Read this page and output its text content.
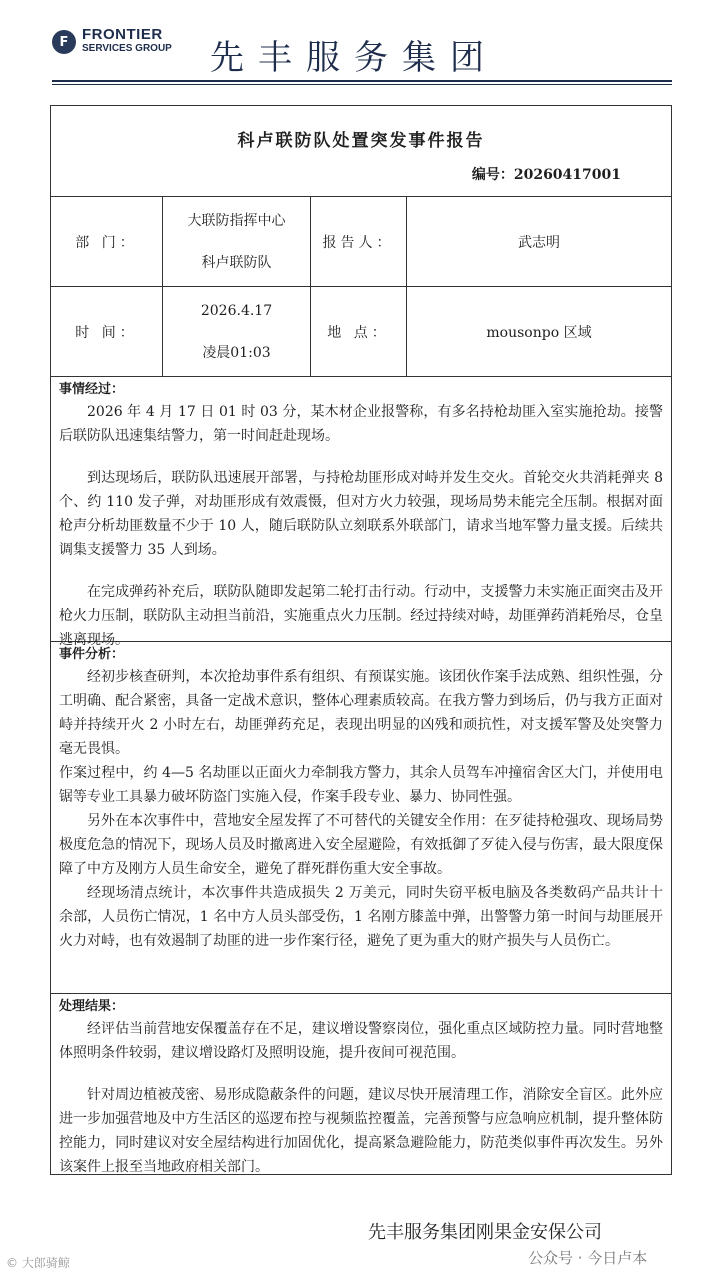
F FRONTIER
SERVICES GROUP 先丰服务集团
科卢联防队处置突发事件报告
编号：20260417001
部 门：
大联防指挥中心
科卢联防队
报告人：	武志明
时 间：
2026.4.17
凌晨01:03
地 点：	mousonpo 区域
事情经过：

2026 年 4 月 17 日 01 时 03 分，某木材企业报警称，有多名持枪劫匪入室实施抢劫。接警后联防队迅速集结警力，第一时间赶赴现场。

到达现场后，联防队迅速展开部署，与持枪劫匪形成对峙并发生交火。首轮交火共消耗弹夹 8 个、约 110 发子弹，对劫匪形成有效震慑，但对方火力较强，现场局势未能完全压制。根据对面枪声分析劫匪数量不少于 10 人，随后联防队立刻联系外联部门，请求当地军警力量支援。后续共调集支援警力 35 人到场。

在完成弹药补充后，联防队随即发起第二轮打击行动。行动中，支援警力未实施正面突击及开枪火力压制，联防队主动担当前沿，实施重点火力压制。经过持续对峙，劫匪弹药消耗殆尽，仓皇逃离现场。

事件分析：

经初步核查研判，本次抢劫事件系有组织、有预谋实施。该团伙作案手法成熟、组织性强，分工明确、配合紧密，具备一定战术意识，整体心理素质较高。在我方警力到场后，仍与我方正面对峙并持续开火 2 小时左右，劫匪弹药充足，表现出明显的凶残和顽抗性，对支援军警及处突警力毫无畏惧。

作案过程中，约 4—5 名劫匪以正面火力牵制我方警力，其余人员驾车冲撞宿舍区大门，并使用电锯等专业工具暴力破坏防盗门实施入侵，作案手段专业、暴力、协同性强。

另外在本次事件中，营地安全屋发挥了不可替代的关键安全作用：在歹徒持枪强攻、现场局势极度危急的情况下，现场人员及时撤离进入安全屋避险，有效抵御了歹徒入侵与伤害，最大限度保障了中方及刚方人员生命安全，避免了群死群伤重大安全事故。

经现场清点统计，本次事件共造成损失 2 万美元，同时失窃平板电脑及各类数码产品共计十余部，人员伤亡情况，1 名中方人员头部受伤，1 名刚方膝盖中弹，出警警力第一时间与劫匪展开火力对峙，也有效遏制了劫匪的进一步作案行径，避免了更为重大的财产损失与人员伤亡。

处理结果：

经评估当前营地安保覆盖存在不足，建议增设警察岗位，强化重点区域防控力量。同时营地整体照明条件较弱，建议增设路灯及照明设施，提升夜间可视范围。

针对周边植被茂密、易形成隐蔽条件的问题，建议尽快开展清理工作，消除安全盲区。此外应进一步加强营地及中方生活区的巡逻布控与视频监控覆盖，完善预警与应急响应机制，提升整体防控能力，同时建议对安全屋结构进行加固优化，提高紧急避险能力，防范类似事件再次发生。另外该案件上报至当地政府相关部门。

先丰服务集团刚果金安保公司
© 大郎骑鲸	公众号 · 今日卢本
